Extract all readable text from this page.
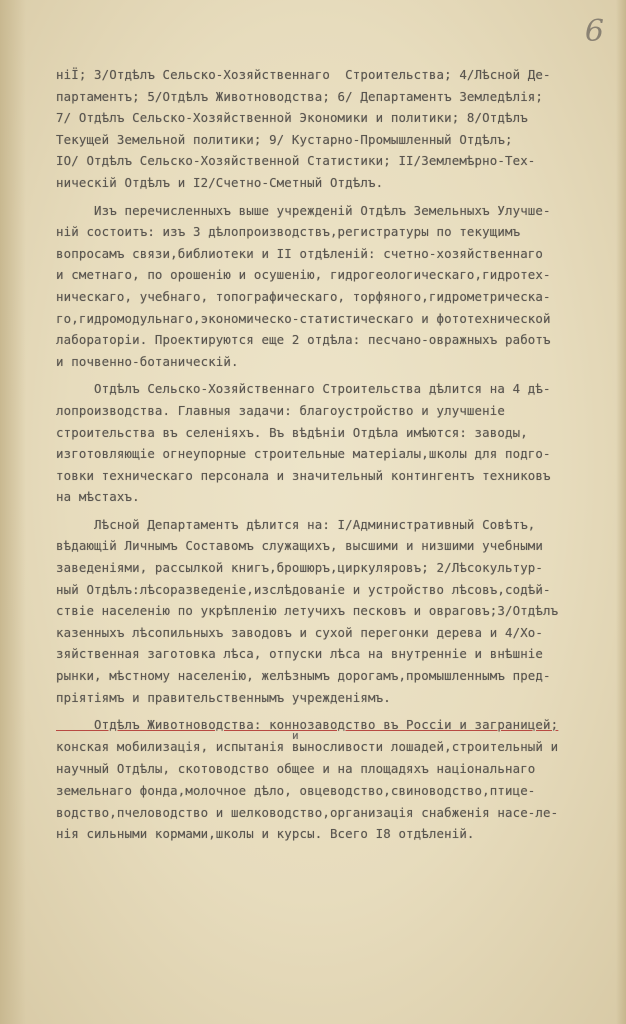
6
ніЇ; 3/Отдѣлъ Сельско-Хозяйственнаго  Строительства; 4/Лѣсной Де-
партаментъ; 5/Отдѣлъ Животноводства; 6/ Департаментъ Земледѣлія;
7/ Отдѣлъ Сельско-Хозяйственной Экономики и политики; 8/Отдѣлъ
Текущей Земельной политики; 9/ Кустарно-Промышленный Отдѣлъ;
IO/ Отдѣлъ Сельско-Хозяйственной Статистики; II/Землемѣрно-Тех-
ническій Отдѣлъ и I2/Счетно-Сметный Отдѣлъ.
Изъ перечисленныхъ выше учрежденій Отдѣлъ Земельныхъ Улучше-
ній состоитъ: изъ 3 дѣлопроизводствъ,регистратуры по текущимъ
вопросамъ связи,библиотеки и II отдѣленій: счетно-хозяйственнаго
и сметнаго, по орошенію и осушенію, гидрогеологическаго,гидротех-
ническаго, учебнаго, топографическаго, торфяного,гидрометрическа-
го,гидромодульнаго,экономическо-статистическаго и фототехнической
лабораторіи. Проектируются еще 2 отдѣла: песчано-овражныхъ работъ
и почвенно-ботаническій.
Отдѣлъ Сельско-Хозяйственнаго Строительства дѣлится на 4 дѣ-
лопроизводства. Главныя задачи: благоустройство и улучшеніе
строительства въ селеніяхъ. Въ вѣдѣніи Отдѣла имѣются: заводы,
изготовляющіе огнеупорные строительные матеріалы,школы для подго-
товки техническаго персонала и значительный контингентъ техниковъ
на мѣстахъ.
Лѣсной Департаментъ дѣлится на: I/Административный Совѣтъ,
вѣдающій Личнымъ Составомъ служащихъ, высшими и низшими учебными
заведеніями, рассылкой книгъ,брошюръ,циркуляровъ; 2/Лѣсокультур-
ный Отдѣлъ:лѣсоразведеніе,изслѣдованіе и устройство лѣсовъ,содѣй-
ствіе населенію по укрѣпленію летучихъ песковъ и овраговъ;3/Отдѣлъ
казенныхъ лѣсопильныхъ заводовъ и сухой перегонки дерева и 4/Хо-
зяйственная заготовка лѣса, отпуски лѣса на внутренніе и внѣшніе
рынки, мѣстному населенію, желѣзнымъ дорогамъ,промышленнымъ пред-
пріятіямъ и правительственнымъ учрежденіямъ.
Отдѣлъ Животноводства: коннозаводство въ Россіи и заграницей;
иконская мобилизація, испытанія выносливости лошадей,строительный и
научный Отдѣлы, скотоводство общее и на площадяхъ національнаго
земельнаго фонда,молочное дѣло, овцеводство,свиноводство,птице-
водство,пчеловодство и шелководство,организація снабженія насе-ле-
нія сильными кормами,школы и курсы. Всего I8 отдѣленій.
